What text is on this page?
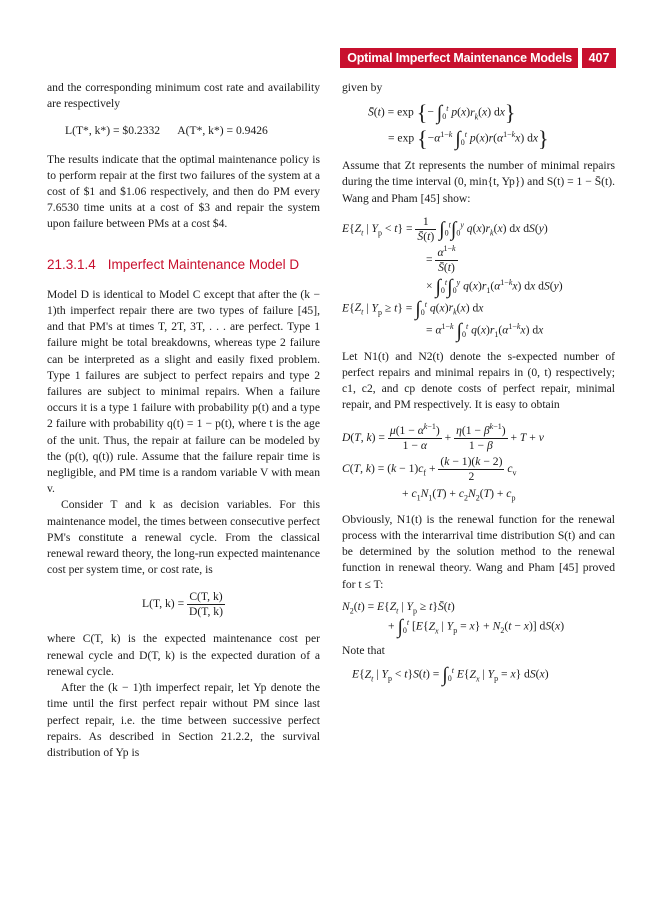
Optimal Imperfect Maintenance Models	407

and the corresponding minimum cost rate and availability are respectively

L(T*, k*) = $0.2332 A(T*, k*) = 0.9426

The results indicate that the optimal maintenance policy is to perform repair at the first two failures of the system at a cost of $1 and $1.06 respectively, and then do PM every 7.6530 time units at a cost of $3 and repair the system upon failure between PMs at a cost $4.

21.3.1.4 Imperfect Maintenance Model D

Model D is identical to Model C except that after the (k − 1)th imperfect repair there are two types of failure [45], and that PM's at times T, 2T, 3T, . . . are perfect. Type 1 failure might be total breakdowns, whereas type 2 failure can be interpreted as a slight and easily fixed problem. Type 1 failures are subject to perfect repairs and type 2 failures are subject to minimal repairs. When a failure occurs it is a type 1 failure with probability p(t) and a type 2 failure with probability q(t) = 1 − p(t), where t is the age of the unit. Thus, the repair at failure can be modeled by the (p(t), q(t)) rule. Assume that the failure repair time is negligible, and PM time is a random variable V with mean v.

Consider T and k as decision variables. For this maintenance model, the times between consecutive perfect PM's constitute a renewal cycle. From the classical renewal reward theory, the long-run expected maintenance cost per system time, or cost rate, is

L(T, $k) = \frac{C(T, k)}{D(T, k)}$

where C(T, k) is the expected maintenance cost per renewal cycle and D(T, k) is the expected duration of a renewal cycle.

After the (k − 1)th imperfect repair, let Yp denote the time until the first perfect repair without PM since last perfect repair, i.e. the time between successive perfect repairs. As described in Section 21.2.2, the survival distribution of Yp is

given by

S̄(t) = exp {− $\int_0^t$ $p(x)r_k(x)$ dx}
= $\exp \{-\alpha^{1-k}$ $\int_0^t$ $p(x)r(\alpha^{1-k}x)$ dx}

Assume that Zt represents the number of minimal repairs during the time interval (0, min{t, Yp}) and S(t) = 1 − S̄(t). Wang and Pham [45] show:

$E\{Z_t$ | $Y_p < t\} = \frac{1}{S̄(t)} \int_0^t\int_0^y$ $q(x)r_k(x)$ dx dS(y)
= $\frac{\alpha^{1-k}}{S̄(t)}$
× $\int_0^t\int_0^y$ $q(x)r_1(\alpha^{1-k}x)$ dx dS(y)
$E\{Z_t$ | $Y_p \ge t\} = \int_0^t$ $q(x)r_k(x)$ dx
= $\alpha^{1-k}$ $\int_0^t$ $q(x)r_1(\alpha^{1-k}x)$ dx

Let N1(t) and N2(t) denote the s-expected number of perfect repairs and minimal repairs in (0, t) respectively; c1, c2, and cp denote costs of perfect repair, minimal repair, and PM respectively. It is easy to obtain

D(T, $k) = \frac{\mu(1 - \alpha^{k-1})}{1 - \alpha} + \frac{\eta(1 - \beta^{k-1})}{1 - \beta} + T + v$
C(T, $k) = (k - 1)c_f + \frac{(k - 1)(k - 2)}{2} c_v$
+ $c_1N_1(T) + c_2N_2(T) + c_p$

Obviously, N1(t) is the renewal function for the renewal process with the interarrival time distribution S(t) and can be determined by the solution method to the renewal function in renewal theory. Wang and Pham [45] proved for t ≤ T:

$N_2(t) = E\{Z_t$ | $Y_p$ ≥ t}S̄(t)
+ $\int_0^t$ [$E\{Z_x$ | $Y_p = x\} + N_2(t - x)$] dS(x)

Note that

$E\{Z_t$ | $Y_p < t\}S(t) = \int_0^t$ $E\{Z_x$ | $Y_p = x$} dS(x)
